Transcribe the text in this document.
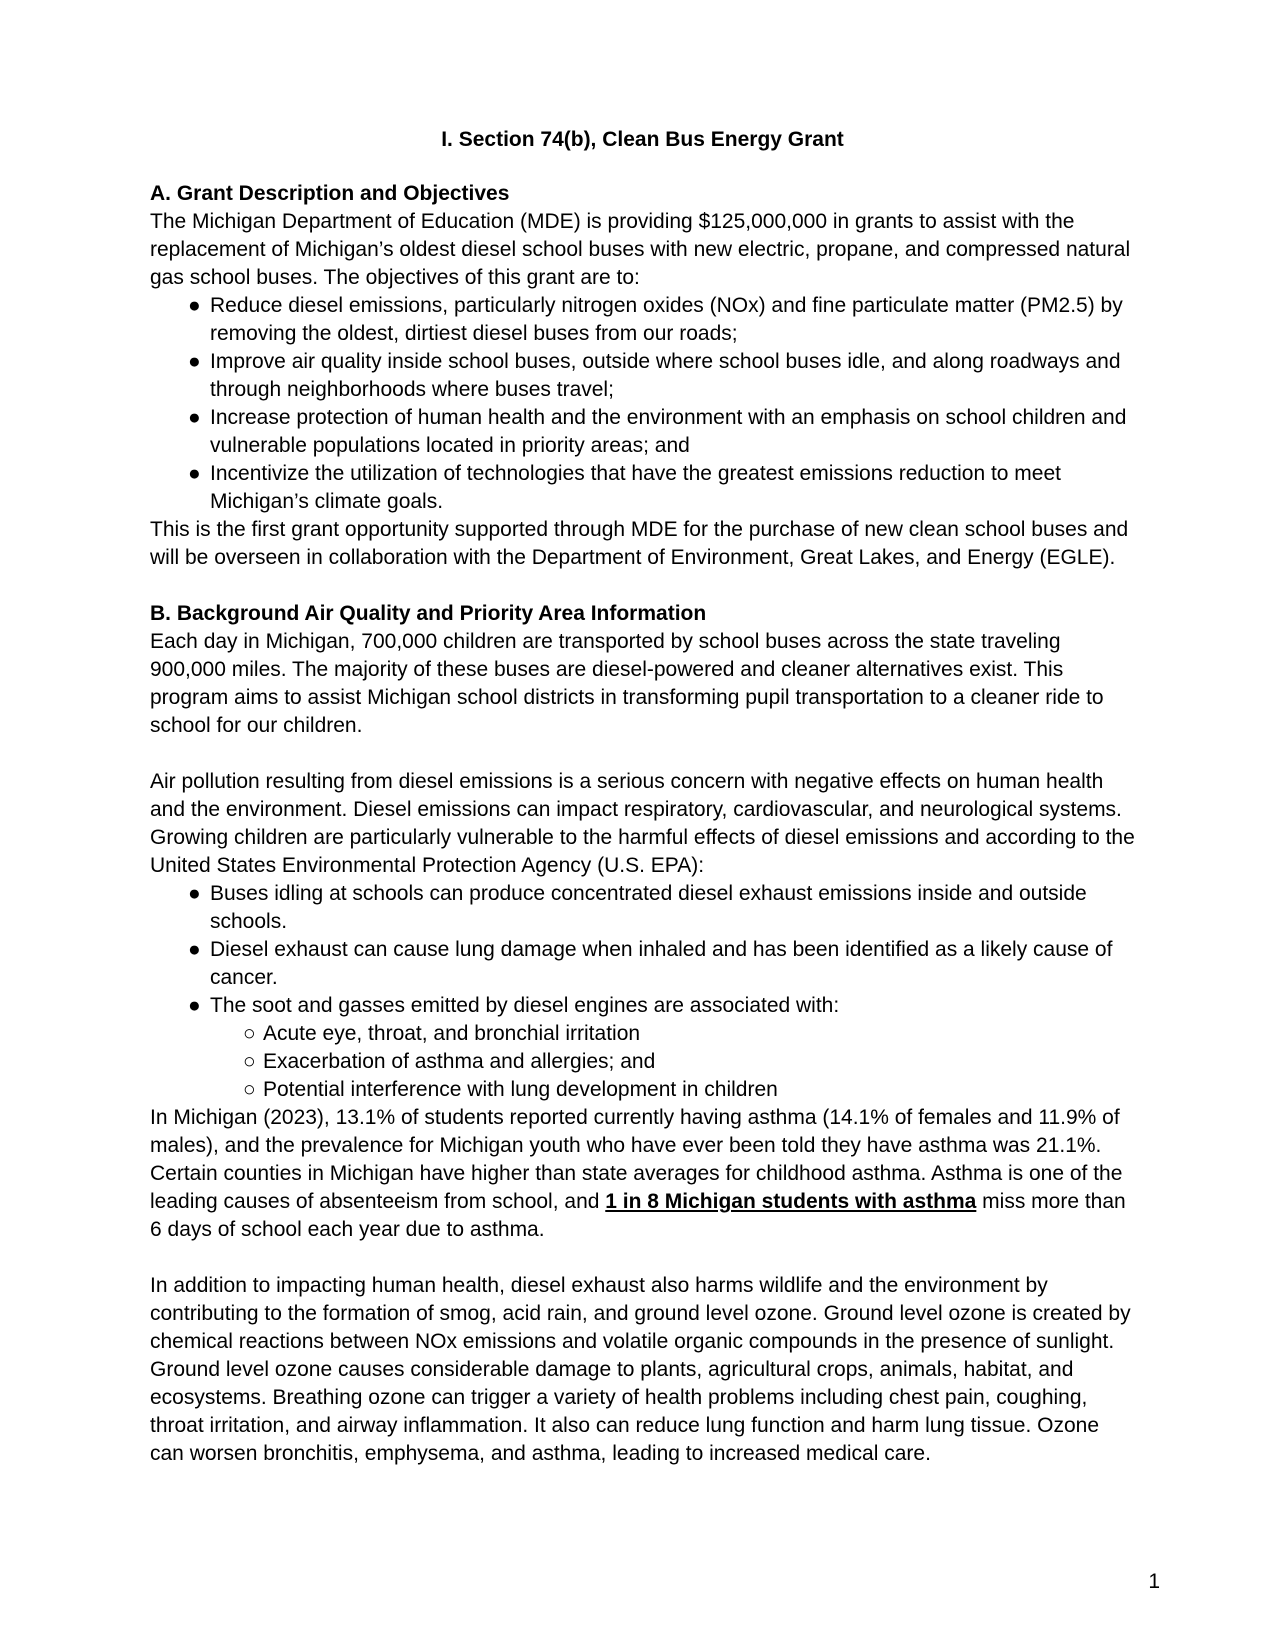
I. Section 74(b), Clean Bus Energy Grant

A. Grant Description and Objectives

The Michigan Department of Education (MDE) is providing $125,000,000 in grants to assist with the replacement of Michigan’s oldest diesel school buses with new electric, propane, and compressed natural gas school buses. The objectives of this grant are to:

● Reduce diesel emissions, particularly nitrogen oxides (NOx) and fine particulate matter (PM2.5) by removing the oldest, dirtiest diesel buses from our roads;
● Improve air quality inside school buses, outside where school buses idle, and along roadways and through neighborhoods where buses travel;
● Increase protection of human health and the environment with an emphasis on school children and vulnerable populations located in priority areas; and
● Incentivize the utilization of technologies that have the greatest emissions reduction to meet Michigan’s climate goals.

This is the first grant opportunity supported through MDE for the purchase of new clean school buses and will be overseen in collaboration with the Department of Environment, Great Lakes, and Energy (EGLE).

B. Background Air Quality and Priority Area Information

Each day in Michigan, 700,000 children are transported by school buses across the state traveling 900,000 miles. The majority of these buses are diesel-powered and cleaner alternatives exist. This program aims to assist Michigan school districts in transforming pupil transportation to a cleaner ride to school for our children.

Air pollution resulting from diesel emissions is a serious concern with negative effects on human health and the environment. Diesel emissions can impact respiratory, cardiovascular, and neurological systems. Growing children are particularly vulnerable to the harmful effects of diesel emissions and according to the United States Environmental Protection Agency (U.S. EPA):

● Buses idling at schools can produce concentrated diesel exhaust emissions inside and outside schools.
● Diesel exhaust can cause lung damage when inhaled and has been identified as a likely cause of cancer.
● The soot and gasses emitted by diesel engines are associated with:
○ Acute eye, throat, and bronchial irritation
○ Exacerbation of asthma and allergies; and
○ Potential interference with lung development in children

In Michigan (2023), 13.1% of students reported currently having asthma (14.1% of females and 11.9% of males), and the prevalence for Michigan youth who have ever been told they have asthma was 21.1%. Certain counties in Michigan have higher than state averages for childhood asthma. Asthma is one of the leading causes of absenteeism from school, and 1 in 8 Michigan students with asthma miss more than 6 days of school each year due to asthma.

In addition to impacting human health, diesel exhaust also harms wildlife and the environment by contributing to the formation of smog, acid rain, and ground level ozone. Ground level ozone is created by chemical reactions between NOx emissions and volatile organic compounds in the presence of sunlight. Ground level ozone causes considerable damage to plants, agricultural crops, animals, habitat, and ecosystems. Breathing ozone can trigger a variety of health problems including chest pain, coughing, throat irritation, and airway inflammation. It also can reduce lung function and harm lung tissue. Ozone can worsen bronchitis, emphysema, and asthma, leading to increased medical care.

1
